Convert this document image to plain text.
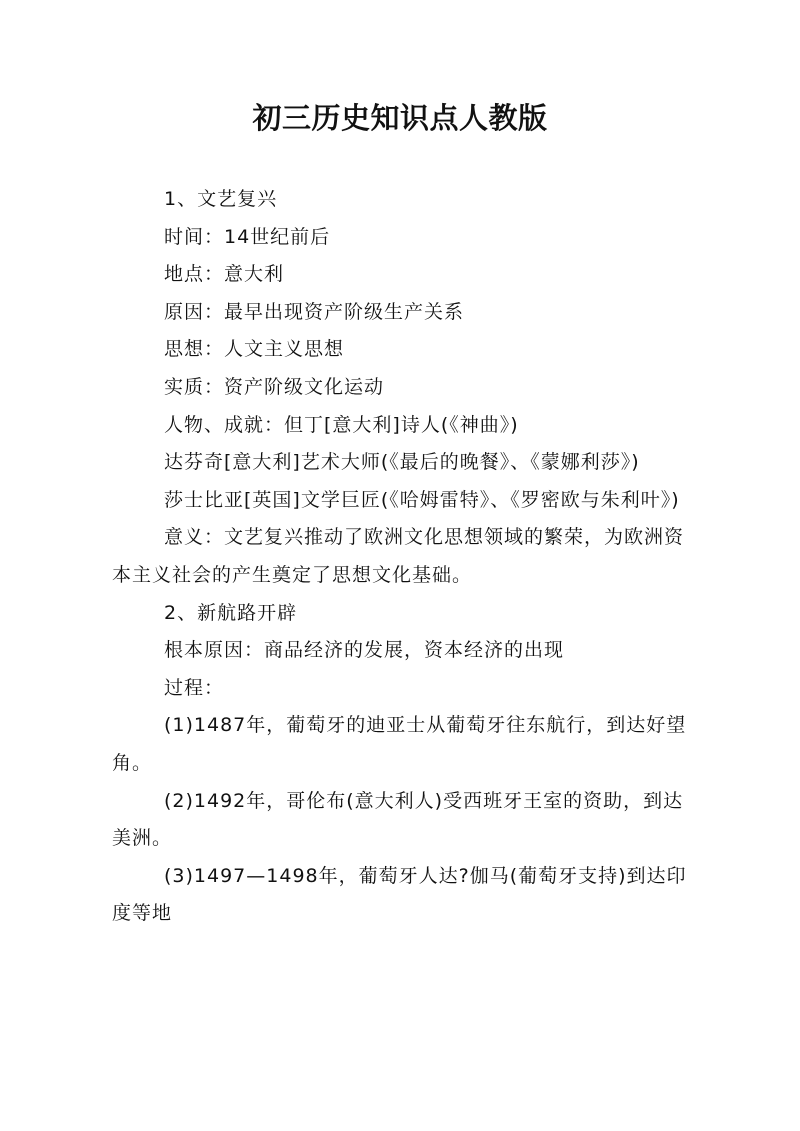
初三历史知识点人教版

1、文艺复兴

时间：14世纪前后

地点：意大利

原因：最早出现资产阶级生产关系

思想：人文主义思想

实质：资产阶级文化运动

人物、成就：但丁[意大利]诗人(《神曲》)

达芬奇[意大利]艺术大师(《最后的晚餐》、《蒙娜利莎》)

莎士比亚[英国]文学巨匠(《哈姆雷特》、《罗密欧与朱利叶》)

意义：文艺复兴推动了欧洲文化思想领域的繁荣，为欧洲资本主义社会的产生奠定了思想文化基础。

2、新航路开辟

根本原因：商品经济的发展，资本经济的出现

过程：

(1)1487年，葡萄牙的迪亚士从葡萄牙往东航行，到达好望角。

(2)1492年，哥伦布(意大利人)受西班牙王室的资助，到达美洲。

(3)1497—1498年，葡萄牙人达?伽马(葡萄牙支持)到达印度等地
